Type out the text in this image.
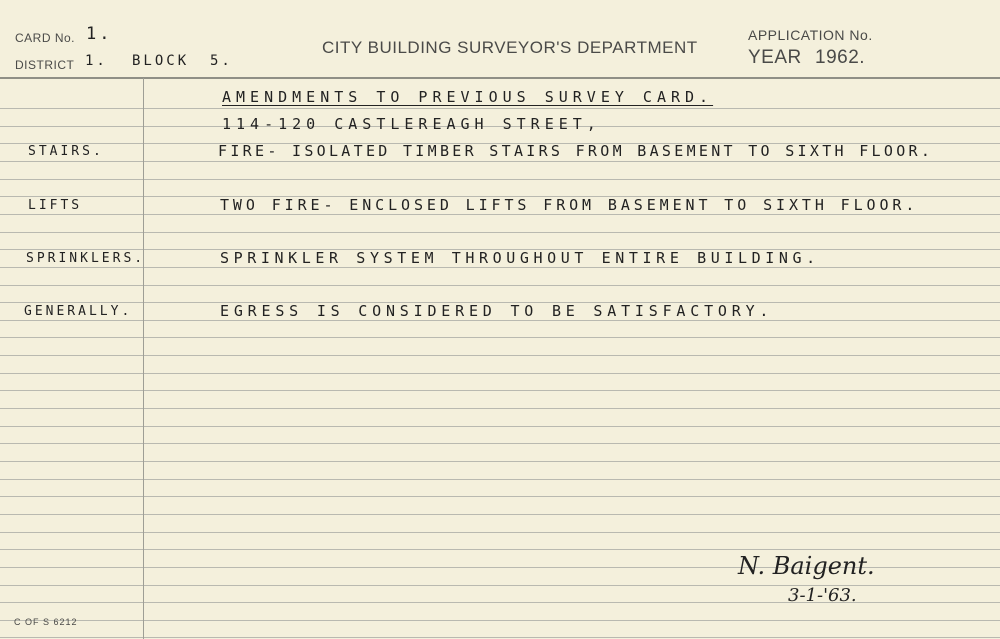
CARD No. 1.
DISTRICT 1. BLOCK 5.
CITY BUILDING SURVEYOR'S DEPARTMENT
APPLICATION No.
YEAR 1962.
AMENDMENTS TO PREVIOUS SURVEY CARD.
114-120 CASTLEREAGH STREET,
STAIRS.	FIRE- ISOLATED TIMBER STAIRS FROM BASEMENT TO SIXTH FLOOR.
LIFTS	TWO FIRE- ENCLOSED LIFTS FROM BASEMENT TO SIXTH FLOOR.
SPRINKLERS.	SPRINKLER SYSTEM THROUGHOUT ENTIRE BUILDING.
GENERALLY.	EGRESS IS CONSIDERED TO BE SATISFACTORY.
N. Baigent.
3-1-'63.
C OF S 6212
